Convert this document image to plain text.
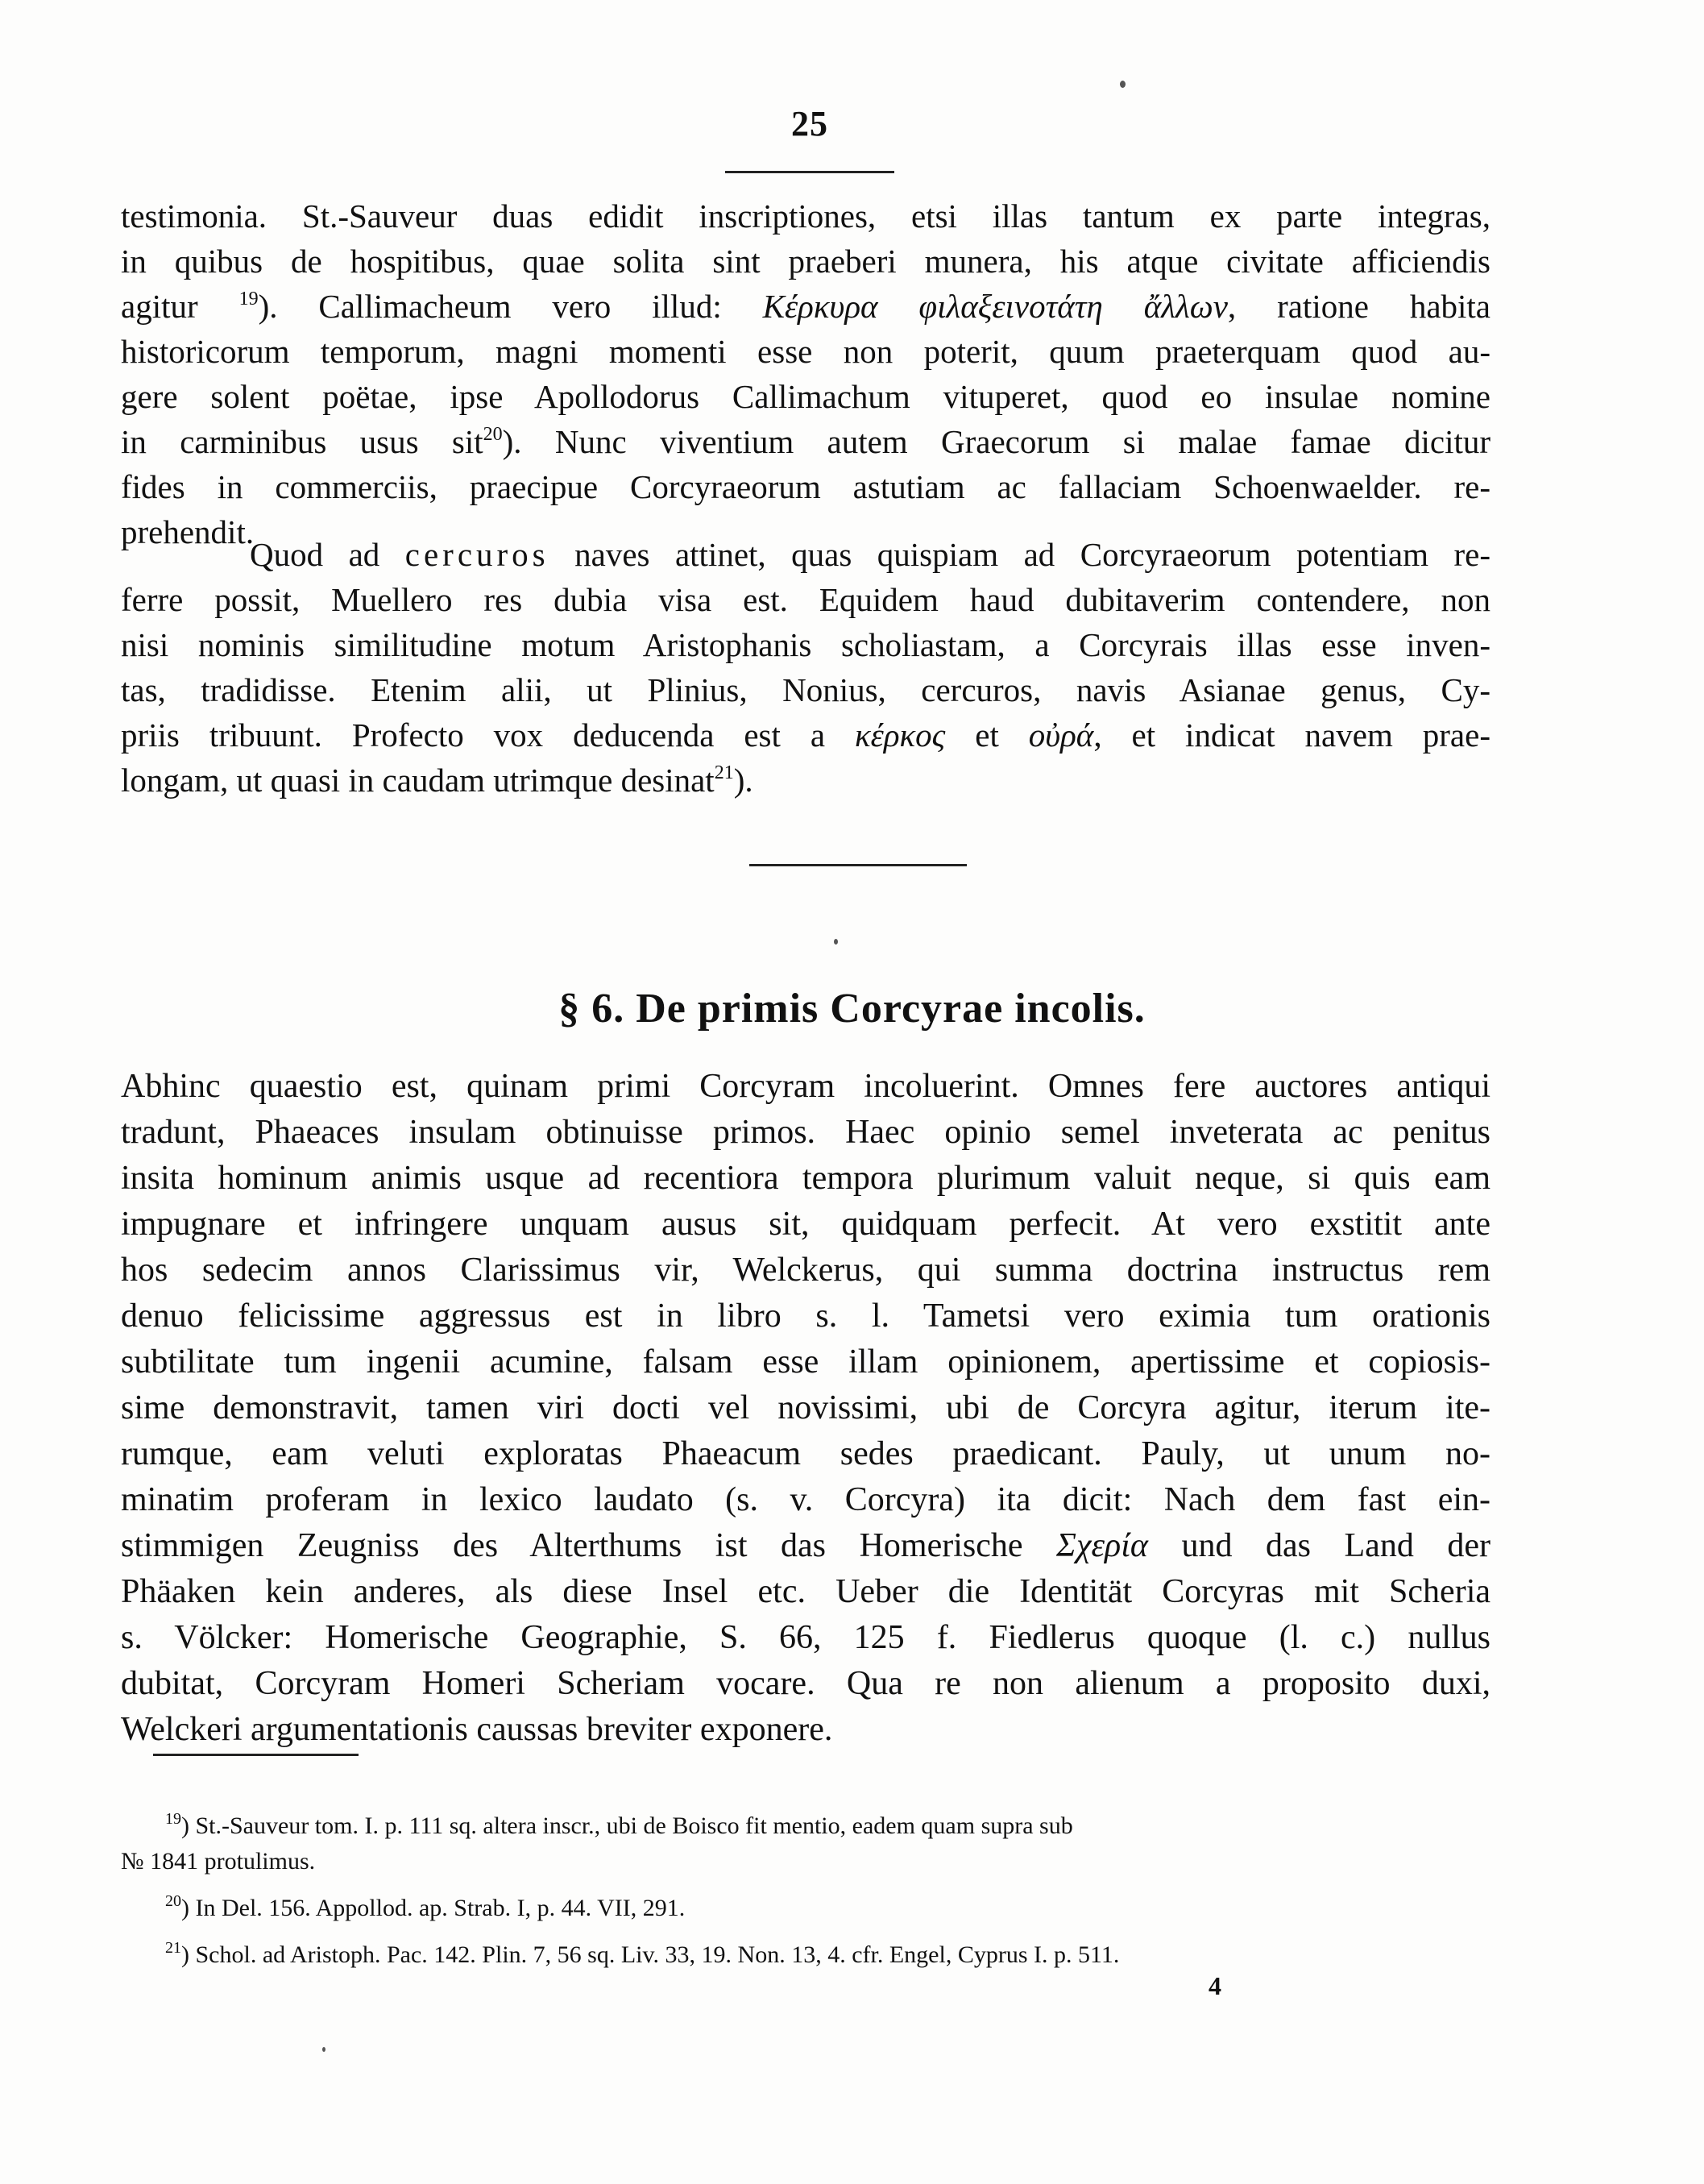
25
testimonia. St.-Sauveur duas edidit inscriptiones, etsi illas tantum ex parte integras,
in quibus de hospitibus, quae solita sint praeberi munera, his atque civitate afficiendis
agitur $^{19}$). Callimacheum vero illud: Κέρκυρα φιλαξεινοτάτη ἄλλων, ratione habita
historicorum temporum, magni momenti esse non poterit, quum praeterquam quod au-
gere solent poëtae, ipse Apollodorus Callimachum vituperet, quod eo insulae nomine
in carminibus usus sit$^{20}$). Nunc viventium autem Graecorum si malae famae dicitur
fides in commerciis, praecipue Corcyraeorum astutiam ac fallaciam Schoenwaelder. re-
prehendit.
Quod ad cercuros naves attinet, quas quispiam ad Corcyraeorum potentiam re-
ferre possit, Muellero res dubia visa est. Equidem haud dubitaverim contendere, non
nisi nominis similitudine motum Aristophanis scholiastam, a Corcyrais illas esse inven-
tas, tradidisse. Etenim alii, ut Plinius, Nonius, cercuros, navis Asianae genus, Cy-
priis tribuunt. Profecto vox deducenda est a κέρκος et οὐρά, et indicat navem prae-
longam, ut quasi in caudam utrimque desinat$^{21}$).
§ 6. De primis Corcyrae incolis.
Abhinc quaestio est, quinam primi Corcyram incoluerint. Omnes fere auctores antiqui
tradunt, Phaeaces insulam obtinuisse primos. Haec opinio semel inveterata ac penitus
insita hominum animis usque ad recentiora tempora plurimum valuit neque, si quis eam
impugnare et infringere unquam ausus sit, quidquam perfecit. At vero exstitit ante
hos sedecim annos Clarissimus vir, Welckerus, qui summa doctrina instructus rem
denuo felicissime aggressus est in libro s. l. Tametsi vero eximia tum orationis
subtilitate tum ingenii acumine, falsam esse illam opinionem, apertissime et copiosis-
sime demonstravit, tamen viri docti vel novissimi, ubi de Corcyra agitur, iterum ite-
rumque, eam veluti exploratas Phaeacum sedes praedicant. Pauly, ut unum no-
minatim proferam in lexico laudato (s. v. Corcyra) ita dicit: Nach dem fast ein-
stimmigen Zeugniss des Alterthums ist das Homerische Σχερία und das Land der
Phäaken kein anderes, als diese Insel etc. Ueber die Identität Corcyras mit Scheria
s. Völcker: Homerische Geographie, S. 66, 125 f. Fiedlerus quoque (l. c.) nullus
dubitat, Corcyram Homeri Scheriam vocare. Qua re non alienum a proposito duxi,
Welckeri argumentationis caussas breviter exponere.
$^{19}$) St.-Sauveur tom. I. p. 111 sq. altera inscr., ubi de Boisco fit mentio, eadem quam supra sub
№ 1841 protulimus.
$^{20}$) In Del. 156. Appollod. ap. Strab. I, p. 44. VII, 291.
$^{21}$) Schol. ad Aristoph. Pac. 142. Plin. 7, 56 sq. Liv. 33, 19. Non. 13, 4. cfr. Engel, Cyprus I. p. 511.
4
